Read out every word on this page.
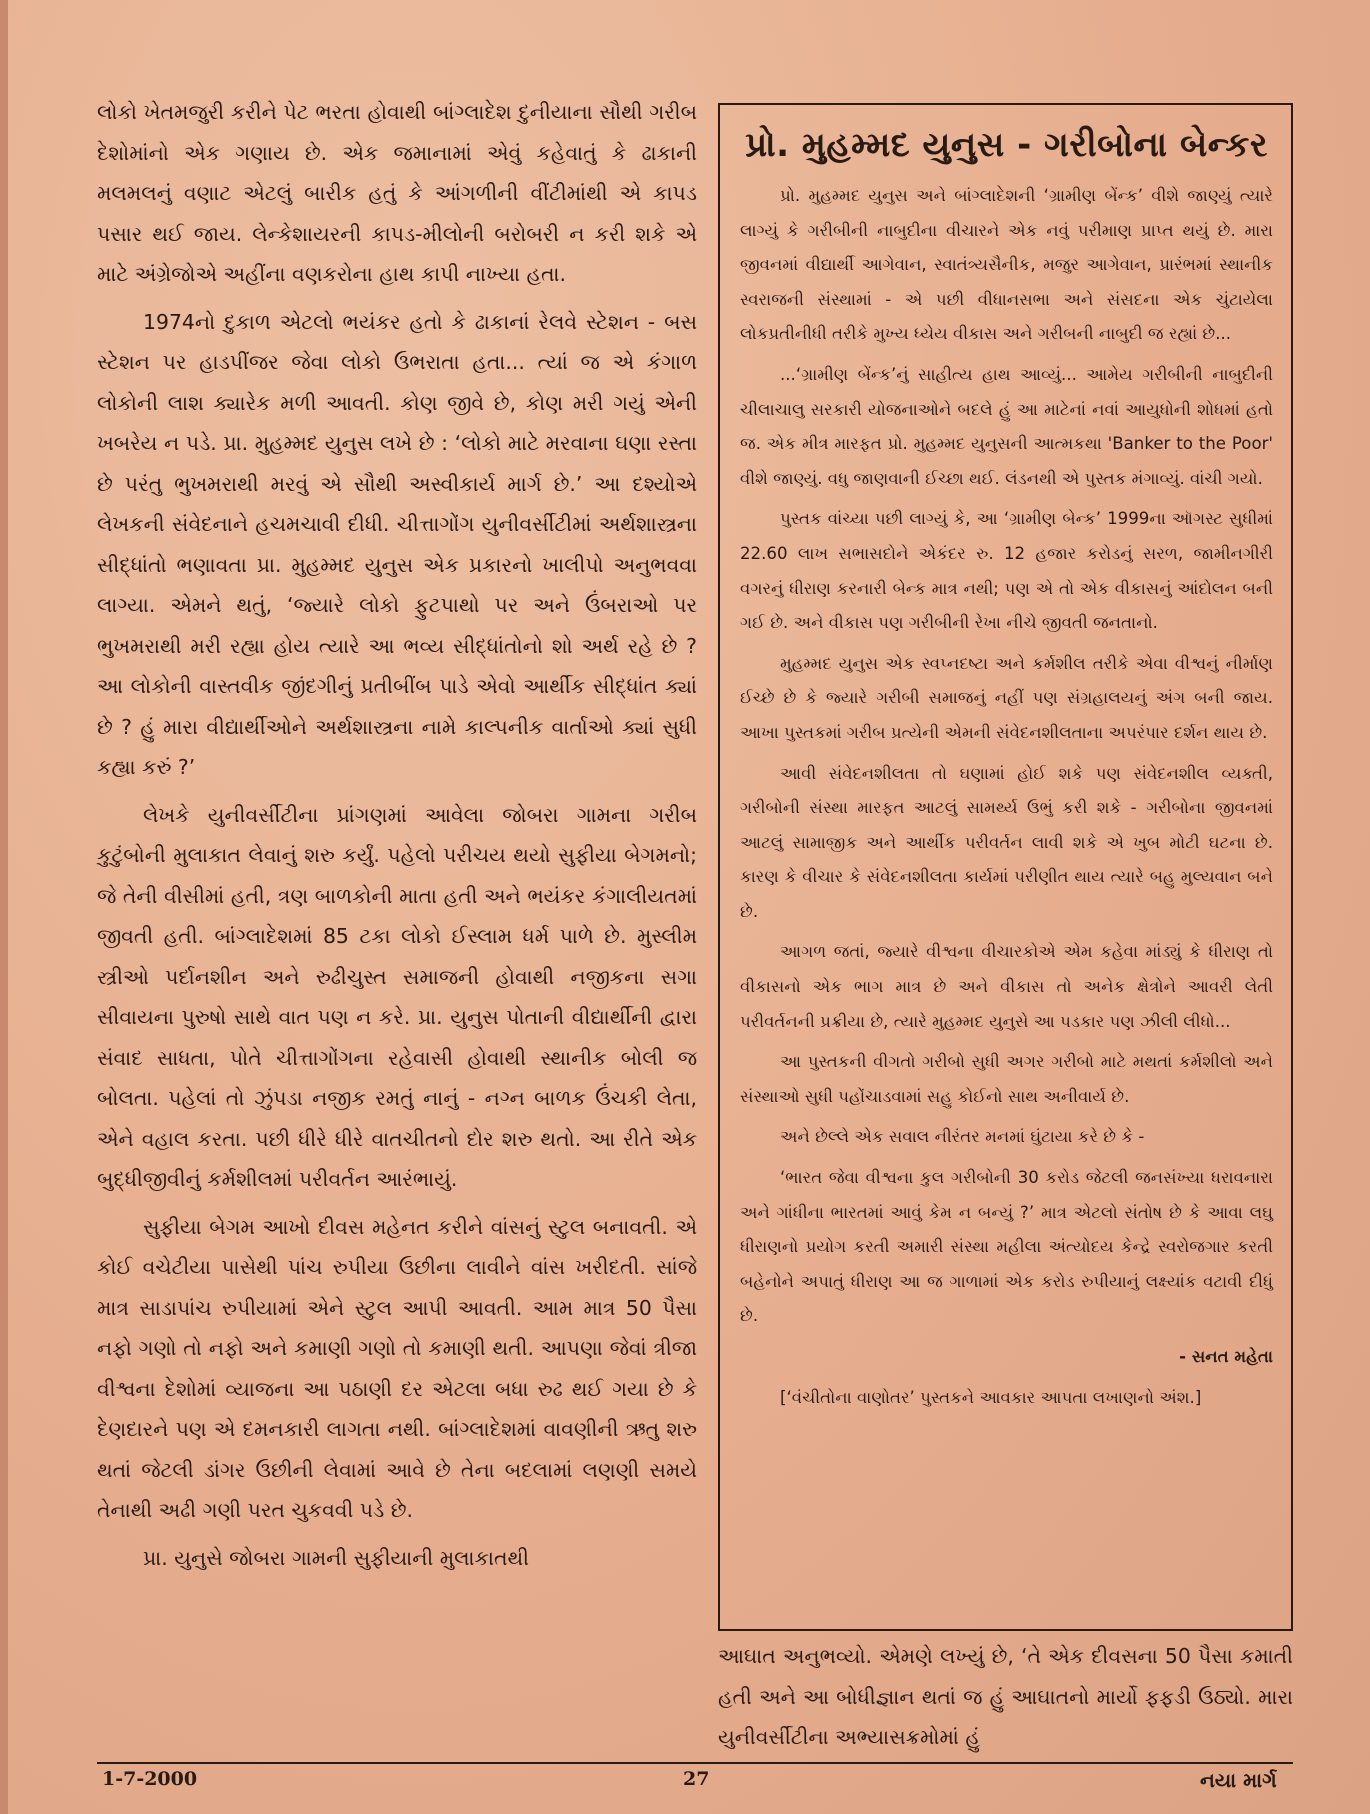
લોકો ખેતમજુરી કરીને પેટ ભરતા હોવાથી બાંગ્લાદેશ દુનીયાના સૌથી ગરીબ દેશોમાંનો એક ગણાય છે. એક જમાનામાં એવું કહેવાતું કે ઢાકાની મલમલનું વણાટ એટલું બારીક હતું કે આંગળીની વીંટીમાંથી એ કાપડ પસાર થઈ જાય. લેન્કેશાયરની કાપડ-મીલોની બરોબરી ન કરી શકે એ માટે અંગ્રેજોએ અહીંના વણકરોના હાથ કાપી નાખ્યા હતા.

1974નો દુકાળ એટલો ભયંકર હતો કે ઢાકાનાં રેલવે સ્ટેશન - બસ સ્ટેશન પર હાડપીંજર જેવા લોકો ઉભરાતા હતા... ત્યાં જ એ કંગાળ લોકોની લાશ ક્યારેક મળી આવતી. કોણ જીવે છે, કોણ મરી ગયું એની ખબરેય ન પડે. પ્રા. મુહમ્મદ યુનુસ લખે છે : ‘લોકો માટે મરવાના ઘણા રસ્તા છે પરંતુ ભુખમરાથી મરવું એ સૌથી અસ્વીકાર્ય માર્ગ છે.’ આ દશ્યોએ લેખકની સંવેદનાને હચમચાવી દીધી. ચીત્તાગોંગ યુનીવર્સીટીમાં અર્થશાસ્ત્રના સીદ્ધાંતો ભણાવતા પ્રા. મુહમ્મદ યુનુસ એક પ્રકારનો ખાલીપો અનુભવવા લાગ્યા. એમને થતું, ‘જ્યારે લોકો ફુટપાથો પર અને ઉંબરાઓ પર ભુખમરાથી મરી રહ્યા હોય ત્યારે આ ભવ્ય સીદ્ધાંતોનો શો અર્થ રહે છે ? આ લોકોની વાસ્તવીક જીંદગીનું પ્રતીબીંબ પાડે એવો આર્થીક સીદ્ધાંત ક્યાં છે ? હું મારા વીદ્યાર્થીઓને અર્થશાસ્ત્રના નામે કાલ્પનીક વાર્તાઓ ક્યાં સુધી કહ્યા કરું ?’

લેખકે યુનીવર્સીટીના પ્રાંગણમાં આવેલા જોબરા ગામના ગરીબ કુટુંબોની મુલાકાત લેવાનું શરુ કર્યું. પહેલો પરીચય થયો સુફીયા બેગમનો; જે તેની વીસીમાં હતી, ત્રણ બાળકોની માતા હતી અને ભયંકર કંગાલીયતમાં જીવતી હતી. બાંગ્લાદેશમાં 85 ટકા લોકો ઈસ્લામ ધર્મ પાળે છે. મુસ્લીમ સ્ત્રીઓ પર્દાનશીન અને રુઢીચુસ્ત સમાજની હોવાથી નજીકના સગા સીવાયના પુરુષો સાથે વાત પણ ન કરે. પ્રા. યુનુસ પોતાની વીદ્યાર્થીની દ્વારા સંવાદ સાધતા, પોતે ચીત્તાગોંગના રહેવાસી હોવાથી સ્થાનીક બોલી જ બોલતા. પહેલાં તો ઝુંપડા નજીક રમતું નાનું - નગ્ન બાળક ઉંચકી લેતા, એને વહાલ કરતા. પછી ધીરે ધીરે વાતચીતનો દોર શરુ થતો. આ રીતે એક બુદ્ધીજીવીનું કર્મશીલમાં પરીવર્તન આરંભાયું.

સુફીયા બેગમ આખો દીવસ મહેનત કરીને વાંસનું સ્ટુલ બનાવતી. એ કોઈ વચેટીયા પાસેથી પાંચ રુપીયા ઉછીના લાવીને વાંસ ખરીદતી. સાંજે માત્ર સાડાપાંચ રુપીયામાં એને સ્ટુલ આપી આવતી. આમ માત્ર 50 પૈસા નફો ગણો તો નફો અને કમાણી ગણો તો કમાણી થતી. આપણા જેવાં ત્રીજા વીશ્વના દેશોમાં વ્યાજના આ પઠાણી દર એટલા બધા રુઢ થઈ ગયા છે કે દેણદારને પણ એ દમનકારી લાગતા નથી. બાંગ્લાદેશમાં વાવણીની ઋતુ શરુ થતાં જેટલી ડાંગર ઉછીની લેવામાં આવે છે તેના બદલામાં લણણી સમયે તેનાથી અઢી ગણી પરત ચુકવવી પડે છે.

પ્રા. યુનુસે જોબરા ગામની સુફીયાની મુલાકાતથી

પ્રો. મુહમ્મદ યુનુસ - ગરીબોના બેન્કર

પ્રો. મુહમ્મદ યુનુસ અને બાંગ્લાદેશની ‘ગ્રામીણ બેંન્ક’ વીશે જાણ્યું ત્યારે લાગ્યું કે ગરીબીની નાબુદીના વીચારને એક નવું પરીમાણ પ્રાપ્ત થયું છે. મારા જીવનમાં વીદ્યાર્થી આગેવાન, સ્વાતંત્ર્યસૈનીક, મજુર આગેવાન, પ્રારંભમાં સ્થાનીક સ્વરાજની સંસ્થામાં - એ પછી વીધાનસભા અને સંસદના એક ચુંટાયેલા લોકપ્રતીનીધી તરીકે મુખ્ય ધ્યેય વીકાસ અને ગરીબની નાબુદી જ રહ્યાં છે...

...‘ગ્રામીણ બેંન્ક’નું સાહીત્ય હાથ આવ્યું... આમેય ગરીબીની નાબુદીની ચીલાચાલુ સરકારી યોજનાઓને બદલે હું આ માટેનાં નવાં આયુધોની શોધમાં હતો જ. એક મીત્ર મારફત પ્રો. મુહમ્મદ યુનુસની આત્મકથા 'Banker to the Poor' વીશે જાણ્યું. વધુ જાણવાની ઈચ્છા થઈ. લંડનથી એ પુસ્તક મંગાવ્યું. વાંચી ગયો.

પુસ્તક વાંચ્યા પછી લાગ્યું કે, આ ‘ગ્રામીણ બેન્ક’ 1999ના ઑગસ્ટ સુધીમાં 22.60 લાખ સભાસદોને એકંદર રુ. 12 હજાર કરોડનું સરળ, જામીનગીરી વગરનું ધીરાણ કરનારી બેન્ક માત્ર નથી; પણ એ તો એક વીકાસનું આંદોલન બની ગઈ છે. અને વીકાસ પણ ગરીબીની રેખા નીચે જીવતી જનતાનો.

મુહમ્મદ યુનુસ એક સ્વપ્નદષ્ટા અને કર્મશીલ તરીકે એવા વીશ્વનું નીર્માણ ઈચ્છે છે કે જ્યારે ગરીબી સમાજનું નહીં પણ સંગ્રહાલયનું અંગ બની જાય. આખા પુસ્તકમાં ગરીબ પ્રત્યેની એમની સંવેદનશીલતાના અપરંપાર દર્શન થાય છે.

આવી સંવેદનશીલતા તો ઘણામાં હોઈ શકે પણ સંવેદનશીલ વ્યક્તી, ગરીબોની સંસ્થા મારફત આટલું સામર્થ્ય ઉભું કરી શકે - ગરીબોના જીવનમાં આટલું સામાજીક અને આર્થીક પરીવર્તન લાવી શકે એ ખુબ મોટી ઘટના છે. કારણ કે વીચાર કે સંવેદનશીલતા કાર્યમાં પરીણીત થાય ત્યારે બહુ મુલ્યવાન બને છે.

આગળ જતાં, જ્યારે વીશ્વના વીચારકોએ એમ કહેવા માંડ્યું કે ધીરાણ તો વીકાસનો એક ભાગ માત્ર છે અને વીકાસ તો અનેક ક્ષેત્રોને આવરી લેતી પરીવર્તનની પ્રક્રીયા છે, ત્યારે મુહમ્મદ યુનુસે આ પડકાર પણ ઝીલી લીધો...

આ પુસ્તકની વીગતો ગરીબો સુધી અગર ગરીબો માટે મથતાં કર્મશીલો અને સંસ્થાઓ સુધી પહોંચાડવામાં સહુ કોઈનો સાથ અનીવાર્ય છે.

અને છેલ્લે એક સવાલ નીરંતર મનમાં ઘુંટાયા કરે છે કે -

‘ભારત જેવા વીશ્વના કુલ ગરીબોની 30 કરોડ જેટલી જનસંખ્યા ધરાવનારા અને ગાંધીના ભારતમાં આવું કેમ ન બન્યું ?’ માત્ર એટલો સંતોષ છે કે આવા લઘુ ધીરાણનો પ્રયોગ કરતી અમારી સંસ્થા મહીલા અંત્યોદય કેન્દ્રે સ્વરોજગાર કરતી બહેનોને અપાતું ધીરાણ આ જ ગાળામાં એક કરોડ રુપીયાનું લક્ષ્યાંક વટાવી દીધું છે.

- સનત મહેતા

[‘વંચીતોના વાણોતર’ પુસ્તકને આવકાર આપતા લખાણનો અંશ.]

આઘાત અનુભવ્યો. એમણે લખ્યું છે, ‘તે એક દીવસના 50 પૈસા કમાતી હતી અને આ બોધીજ્ઞાન થતાં જ હું આઘાતનો માર્યો ફફડી ઉઠ્યો. મારા યુનીવર્સીટીના અભ્યાસક્રમોમાં હું

1-7-2000	27	નયા માર્ગ
